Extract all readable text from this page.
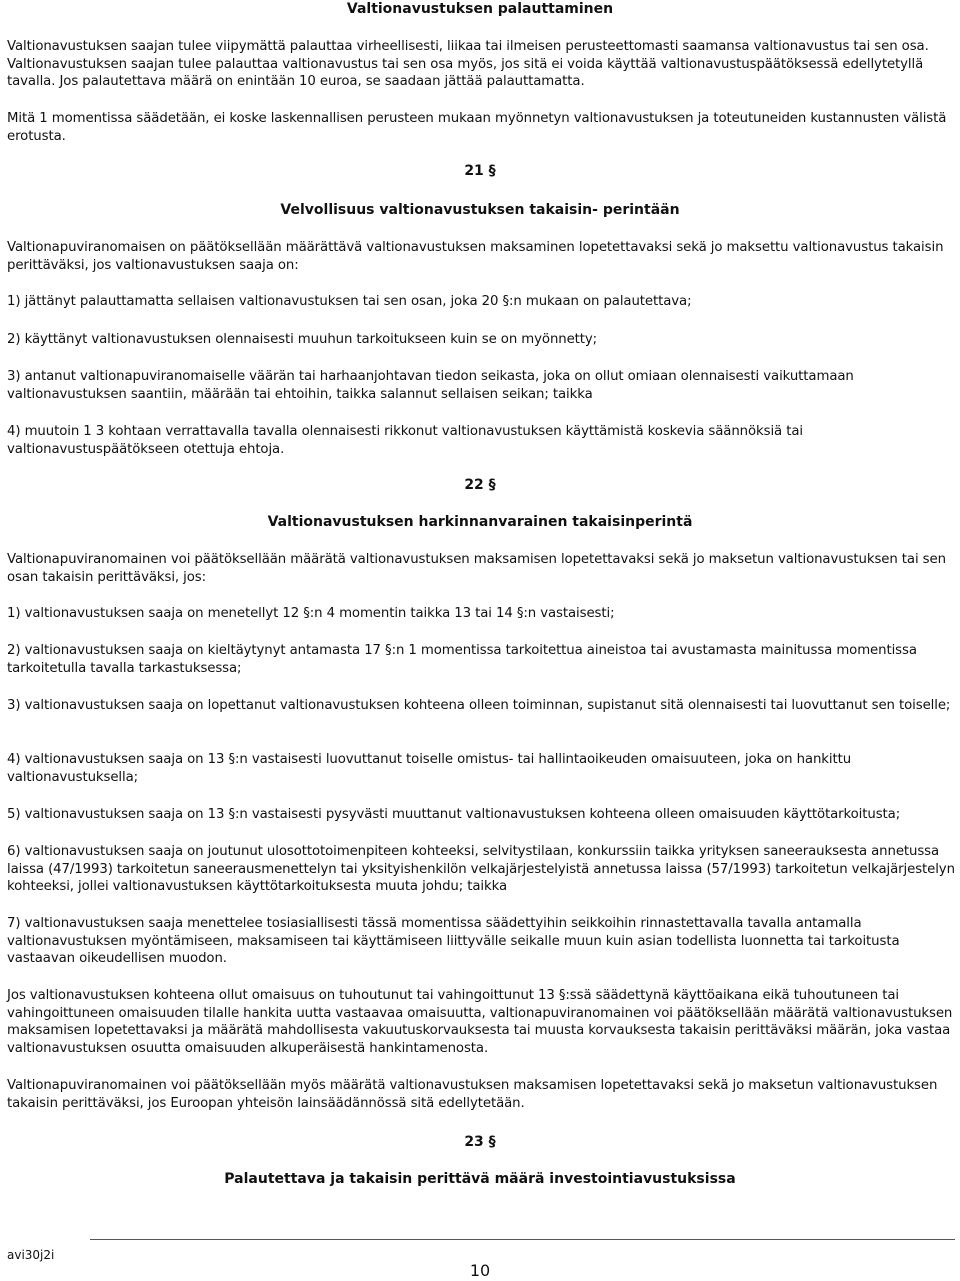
Valtionavustuksen palauttaminen

Valtionavustuksen saajan tulee viipymättä palauttaa virheellisesti, liikaa tai ilmeisen perusteettomasti saamansa valtionavustus tai sen osa. Valtionavustuksen saajan tulee palauttaa valtionavustus tai sen osa myös, jos sitä ei voida käyttää valtionavustuspäätöksessä edellytetyllä tavalla. Jos palautettava määrä on enintään 10 euroa, se saadaan jättää palauttamatta.

Mitä 1 momentissa säädetään, ei koske laskennallisen perusteen mukaan myönnetyn valtionavustuksen ja toteutuneiden kustannusten välistä erotusta.

21 §

Velvollisuus valtionavustuksen takaisin- perintään

Valtionapuviranomaisen on päätöksellään määrättävä valtionavustuksen maksaminen lopetettavaksi sekä jo maksettu valtionavustus takaisin perittäväksi, jos valtionavustuksen saaja on:

1) jättänyt palauttamatta sellaisen valtionavustuksen tai sen osan, joka 20 §:n mukaan on palautettava;

2) käyttänyt valtionavustuksen olennaisesti muuhun tarkoitukseen kuin se on myönnetty;

3) antanut valtionapuviranomaiselle väärän tai harhaanjohtavan tiedon seikasta, joka on ollut omiaan olennaisesti vaikuttamaan valtionavustuksen saantiin, määrään tai ehtoihin, taikka salannut sellaisen seikan; taikka

4) muutoin 1 3 kohtaan verrattavalla tavalla olennaisesti rikkonut valtionavustuksen käyttämistä koskevia säännöksiä tai valtionavustuspäätökseen otettuja ehtoja.

22 §

Valtionavustuksen harkinnanvarainen takaisinperintä

Valtionapuviranomainen voi päätöksellään määrätä valtionavustuksen maksamisen lopetettavaksi sekä jo maksetun valtionavustuksen tai sen osan takaisin perittäväksi, jos:

1) valtionavustuksen saaja on menetellyt 12 §:n 4 momentin taikka 13 tai 14 §:n vastaisesti;

2) valtionavustuksen saaja on kieltäytynyt antamasta 17 §:n 1 momentissa tarkoitettua aineistoa tai avustamasta mainitussa momentissa tarkoitetulla tavalla tarkastuksessa;

3) valtionavustuksen saaja on lopettanut valtionavustuksen kohteena olleen toiminnan, supistanut sitä olennaisesti tai luovuttanut sen toiselle;

4) valtionavustuksen saaja on 13 §:n vastaisesti luovuttanut toiselle omistus- tai hallintaoikeuden omaisuuteen, joka on hankittu valtionavustuksella;

5) valtionavustuksen saaja on 13 §:n vastaisesti pysyvästi muuttanut valtionavustuksen kohteena olleen omaisuuden käyttötarkoitusta;

6) valtionavustuksen saaja on joutunut ulosottotoimenpiteen kohteeksi, selvitystilaan, konkurssiin taikka yrityksen saneerauksesta annetussa laissa (47/1993) tarkoitetun saneerausmenettelyn tai yksityishenkilön velkajärjestelyistä annetussa laissa (57/1993) tarkoitetun velkajärjestelyn kohteeksi, jollei valtionavustuksen käyttötarkoituksesta muuta johdu; taikka

7) valtionavustuksen saaja menettelee tosiasiallisesti tässä momentissa säädettyihin seikkoihin rinnastettavalla tavalla antamalla valtionavustuksen myöntämiseen, maksamiseen tai käyttämiseen liittyvälle seikalle muun kuin asian todellista luonnetta tai tarkoitusta vastaavan oikeudellisen muodon.

Jos valtionavustuksen kohteena ollut omaisuus on tuhoutunut tai vahingoittunut 13 §:ssä säädettynä käyttöaikana eikä tuhoutuneen tai vahingoittuneen omaisuuden tilalle hankita uutta vastaavaa omaisuutta, valtionapuviranomainen voi päätöksellään määrätä valtionavustuksen maksamisen lopetettavaksi ja määrätä mahdollisesta vakuutuskorvauksesta tai muusta korvauksesta takaisin perittäväksi määrän, joka vastaa valtionavustuksen osuutta omaisuuden alkuperäisestä hankintamenosta.

Valtionapuviranomainen voi päätöksellään myös määrätä valtionavustuksen maksamisen lopetettavaksi sekä jo maksetun valtionavustuksen takaisin perittäväksi, jos Euroopan yhteisön lainsäädännössä sitä edellytetään.

23 §

Palautettava ja takaisin perittävä määrä investointiavustuksissa

avi30j2i

10
